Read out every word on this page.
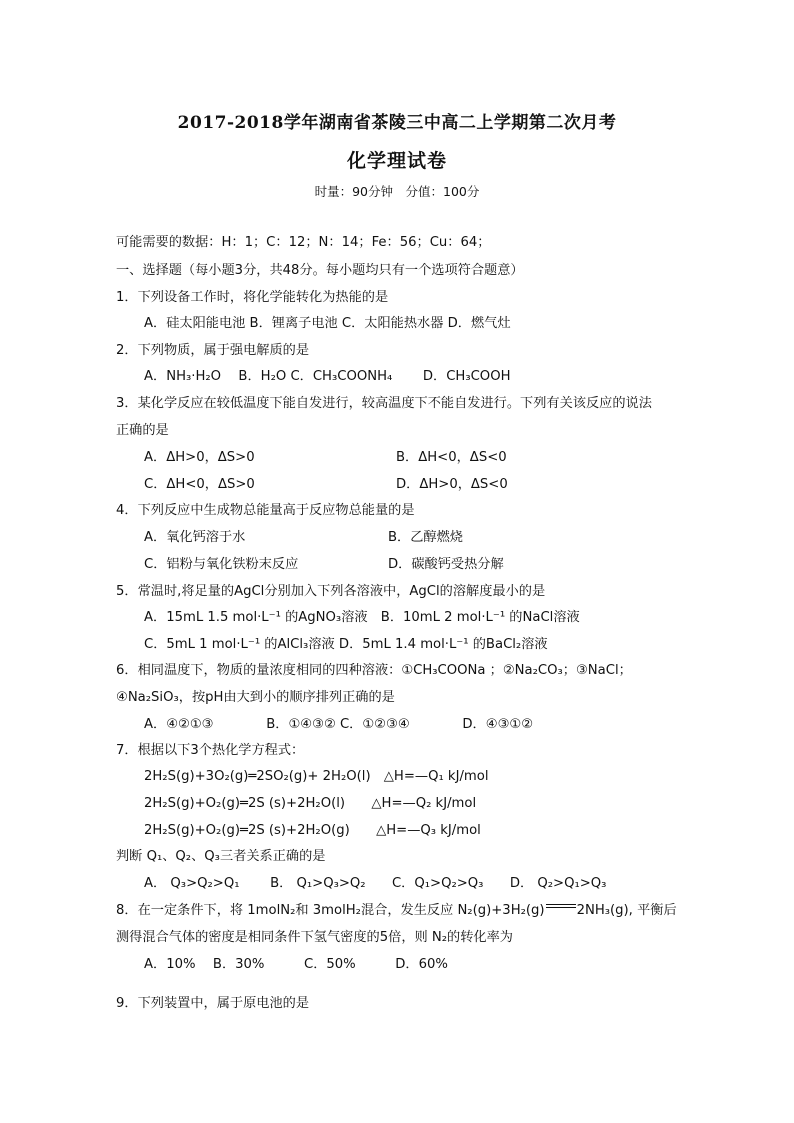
2017-2018学年湖南省茶陵三中高二上学期第二次月考
化学理试卷
时量：90分钟　分值：100分
可能需要的数据：H：1；C：12；N：14；Fe：56；Cu：64；
一、选择题（每小题3分，共48分。每小题均只有一个选项符合题意）
1．下列设备工作时，将化学能转化为热能的是
A．硅太阳能电池 B．锂离子电池 C．太阳能热水器 D．燃气灶
2．下列物质，属于强电解质的是
A．NH₃·H₂O　 B．H₂O C．CH₃COONH₄　　 D．CH₃COOH
3．某化学反应在较低温度下能自发进行，较高温度下不能自发进行。下列有关该反应的说法
正确的是
A．ΔH>0，ΔS>0	B．ΔH<0，ΔS<0
C．ΔH<0，ΔS>0	D．ΔH>0，ΔS<0
4．下列反应中生成物总能量高于反应物总能量的是
A．氧化钙溶于水	B．乙醇燃烧
C．铝粉与氧化铁粉末反应	D．碳酸钙受热分解
5．常温时,将足量的AgCl分别加入下列各溶液中，AgCl的溶解度最小的是
A．15mL 1.5 mol·L⁻¹ 的AgNO₃溶液　B．10mL 2 mol·L⁻¹ 的NaCl溶液
C．5mL 1 mol·L⁻¹ 的AlCl₃溶液 D．5mL 1.4 mol·L⁻¹ 的BaCl₂溶液
6．相同温度下，物质的量浓度相同的四种溶液：①CH₃COONa ；②Na₂CO₃；③NaCl；
④Na₂SiO₃，按pH由大到小的顺序排列正确的是
A．④②①③　　　　B．①④③② C．①②③④　　　　D．④③①②
7．根据以下3个热化学方程式：
2H₂S(g)+3O₂(g)═2SO₂(g)+ 2H₂O(l)　△H=—Q₁ kJ/mol
2H₂S(g)+O₂(g)═2S (s)+2H₂O(l)　　△H=—Q₂ kJ/mol
2H₂S(g)+O₂(g)═2S (s)+2H₂O(g)　　△H=—Q₃ kJ/mol
判断 Q₁、Q₂、Q₃三者关系正确的是
A． Q₃>Q₂>Q₁　　 B． Q₁>Q₃>Q₂　　C．Q₁>Q₂>Q₃　　D． Q₂>Q₁>Q₃
8．在一定条件下，将 1molN₂和 3molH₂混合，发生反应 N₂(g)+3H₂(g) 2NH₃(g), 平衡后
测得混合气体的密度是相同条件下氢气密度的5倍，则 N₂的转化率为
A．10%　 B．30%　　　C．50%　　　D．60%
9．下列装置中，属于原电池的是
